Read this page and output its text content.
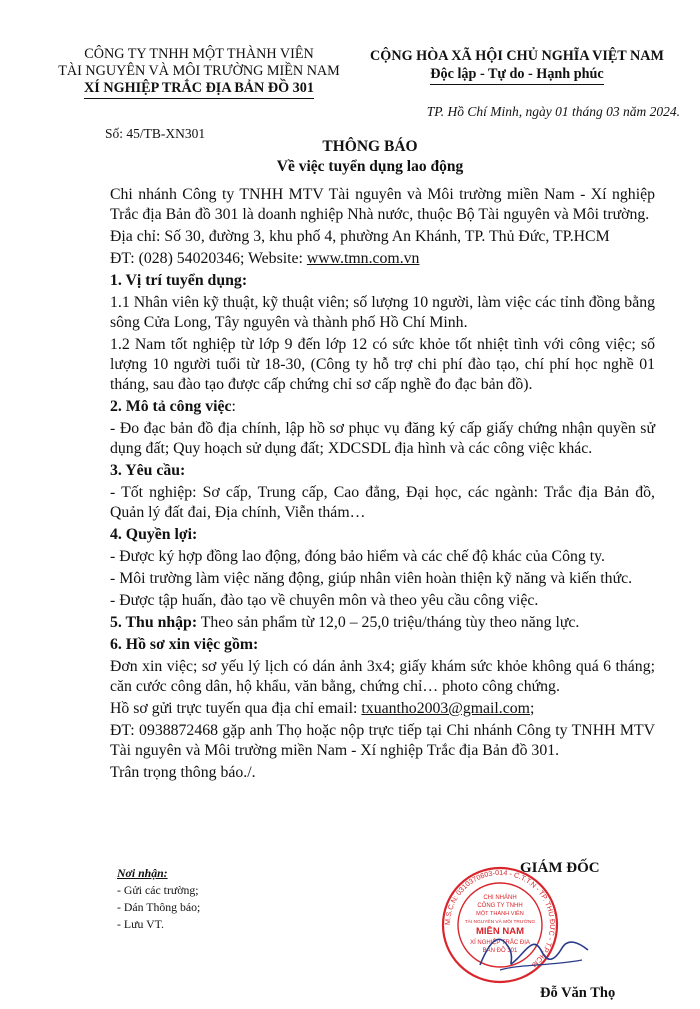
CÔNG TY TNHH MỘT THÀNH VIÊN
TÀI NGUYÊN VÀ MÔI TRƯỜNG MIỀN NAM
XÍ NGHIỆP TRẮC ĐỊA BẢN ĐỒ 301
CỘNG HÒA XÃ HỘI CHỦ NGHĨA VIỆT NAM
Độc lập - Tự do - Hạnh phúc
TP. Hồ Chí Minh, ngày 01 tháng 03 năm 2024.
Số: 45/TB-XN301
THÔNG BÁO
Về việc tuyển dụng lao động

Chi nhánh Công ty TNHH MTV Tài nguyên và Môi trường miền Nam - Xí nghiệp Trắc địa Bản đồ 301 là doanh nghiệp Nhà nước, thuộc Bộ Tài nguyên và Môi trường.

Địa chỉ: Số 30, đường 3, khu phố 4, phường An Khánh, TP. Thủ Đức, TP.HCM

ĐT: (028) 54020346; Website: www.tmn.com.vn

1. Vị trí tuyển dụng:

1.1 Nhân viên kỹ thuật, kỹ thuật viên; số lượng 10 người, làm việc các tỉnh đồng bằng sông Cửa Long, Tây nguyên và thành phố Hồ Chí Minh.

1.2 Nam tốt nghiệp từ lớp 9 đến lớp 12 có sức khỏe tốt nhiệt tình với công việc; số lượng 10 người tuổi từ 18-30, (Công ty hỗ trợ chi phí đào tạo, chí phí học nghề 01 tháng, sau đào tạo được cấp chứng chỉ sơ cấp nghề đo đạc bản đồ).

2. Mô tả công việc:

- Đo đạc bản đồ địa chính, lập hồ sơ phục vụ đăng ký cấp giấy chứng nhận quyền sử dụng đất; Quy hoạch sử dụng đất; XDCSDL địa hình và các công việc khác.

3. Yêu cầu:

- Tốt nghiệp: Sơ cấp, Trung cấp, Cao đẳng, Đại học, các ngành: Trắc địa Bản đồ, Quản lý đất đai, Địa chính, Viễn thám…

4. Quyền lợi:

- Được ký hợp đồng lao động, đóng bảo hiểm và các chế độ khác của Công ty.

- Môi trường làm việc năng động, giúp nhân viên hoàn thiện kỹ năng và kiến thức.

- Được tập huấn, đào tạo về chuyên môn và theo yêu cầu công việc.

5. Thu nhập: Theo sản phẩm từ 12,0 – 25,0 triệu/tháng tùy theo năng lực.

6. Hồ sơ xin việc gồm:

Đơn xin việc; sơ yếu lý lịch có dán ảnh 3x4; giấy khám sức khỏe không quá 6 tháng; căn cước công dân, hộ khẩu, văn bằng, chứng chỉ… photo công chứng.

Hồ sơ gửi trực tuyến qua địa chỉ email: txuantho2003@gmail.com;

ĐT: 0938872468 gặp anh Thọ hoặc nộp trực tiếp tại Chi nhánh Công ty TNHH MTV Tài nguyên và Môi trường miền Nam - Xí nghiệp Trắc địa Bản đồ 301.

Trân trọng thông báo./.

Nơi nhận:
- Gửi các trường;
- Dán Thông báo;
- Lưu VT.	M.S.C.N: 0310370603-014 - C.T.T.N - TP. THỦ ĐỨC - T.P.HCM
CHI NHÁNH
CÔNG TY TNHH
MỘT THÀNH VIÊN
TÀI NGUYÊN VÀ MÔI TRƯỜNG
MIỀN NAM
XÍ NGHIỆP TRẮC ĐỊA
BẢN ĐỒ 301
GIÁM ĐỐC
Đỗ Văn Thọ
